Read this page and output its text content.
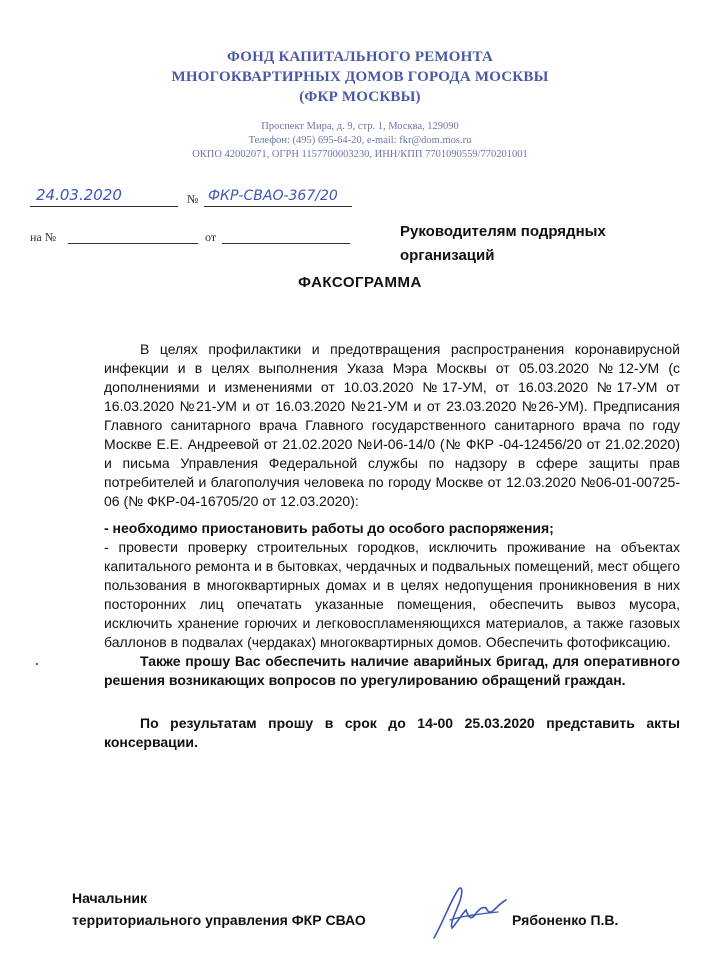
ФОНД КАПИТАЛЬНОГО РЕМОНТА
МНОГОКВАРТИРНЫХ ДОМОВ ГОРОДА МОСКВЫ
(ФКР МОСКВЫ)
Проспект Мира, д. 9, стр. 1, Москва, 129090
Телефон: (495) 695-64-20, e-mail: fkr@dom.mos.ru
ОКПО 42002071, ОГРН 1157700003230, ИНН/КПП 7701090559/770201001
24.03.2020	№ ФКР-СВАО-367/20
на №	от	Руководителям подрядных организаций
ФАКСОГРАММА

В целях профилактики и предотвращения распространения коронавирусной инфекции и в целях выполнения Указа Мэра Москвы от 05.03.2020 №12-УМ (с дополнениями и изменениями от 10.03.2020 №17-УМ, от 16.03.2020 №17-УМ от 16.03.2020 №21-УМ и от 16.03.2020 №21-УМ и от 23.03.2020 №26-УМ). Предписания Главного санитарного врача Главного государственного санитарного врача по году Москве Е.Е. Андреевой от 21.02.2020 №И-06-14/0 (№ ФКР -04-12456/20 от 21.02.2020) и письма Управления Федеральной службы по надзору в сфере защиты прав потребителей и благополучия человека по городу Москве от 12.03.2020 №06-01-00725-06 (№ ФКР-04-16705/20 от 12.03.2020):

- необходимо приостановить работы до особого распоряжения;

- провести проверку строительных городков, исключить проживание на объектах капитального ремонта и в бытовках, чердачных и подвальных помещений, мест общего пользования в многоквартирных домах и в целях недопущения проникновения в них посторонних лиц опечатать указанные помещения, обеспечить вывоз мусора, исключить хранение горючих и легковоспламеняющихся материалов, а также газовых баллонов в подвалах (чердаках) многоквартирных домов. Обеспечить фотофиксацию.

Также прошу Вас обеспечить наличие аварийных бригад, для оперативного решения возникающих вопросов по урегулированию обращений граждан.

По результатам прошу в срок до 14-00 25.03.2020 представить акты консервации.

Начальник
территориального управления ФКР СВАО	Рябоненко П.В.
